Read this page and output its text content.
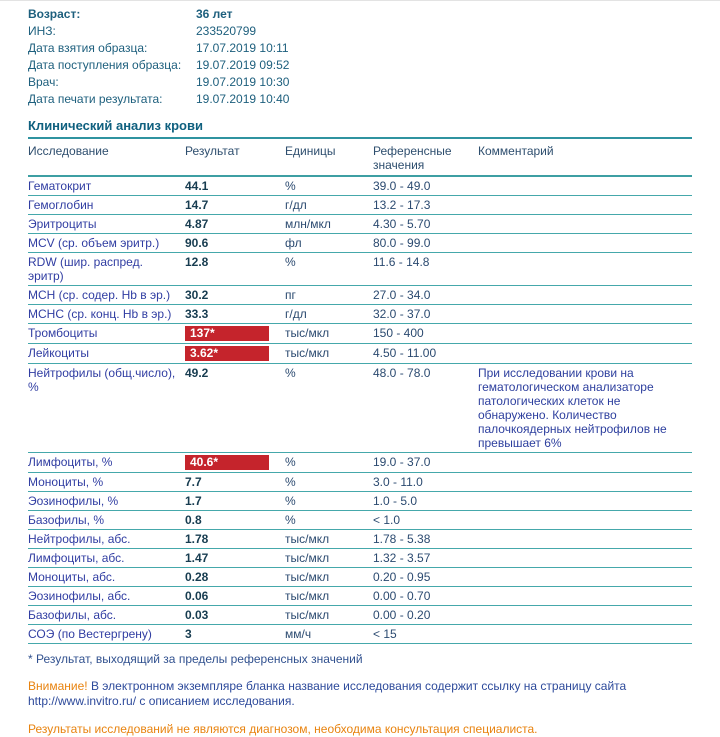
Возраст:	36 лет
ИНЗ:	233520799
Дата взятия образца:	17.07.2019 10:11
Дата поступления образца:	19.07.2019 09:52
Врач:	19.07.2019 10:30
Дата печати результата:	19.07.2019 10:40
Клинический анализ крови
Исследование	Результат	Единицы	Референсные значения	Комментарий
Гематокрит	44.1	%	39.0 - 49.0	
Гемоглобин	14.7	г/дл	13.2 - 17.3	
Эритроциты	4.87	млн/мкл	4.30 - 5.70	
MCV (ср. объем эритр.)	90.6	фл	80.0 - 99.0	
RDW (шир. распред. эритр)	12.8	%	11.6 - 14.8	
MCH (ср. содер. Hb в эр.)	30.2	пг	27.0 - 34.0	
MCHC (ср. конц. Hb в эр.)	33.3	г/дл	32.0 - 37.0	
Тромбоциты	137*	тыс/мкл	150 - 400	
Лейкоциты	3.62*	тыс/мкл	4.50 - 11.00	
Нейтрофилы (общ.число), %	49.2	%	48.0 - 78.0	При исследовании крови на гематологическом анализаторе патологических клеток не обнаружено. Количество палочкоядерных нейтрофилов не превышает 6%
Лимфоциты, %	40.6*	%	19.0 - 37.0	
Моноциты, %	7.7	%	3.0 - 11.0	
Эозинофилы, %	1.7	%	1.0 - 5.0	
Базофилы, %	0.8	%	< 1.0	
Нейтрофилы, абс.	1.78	тыс/мкл	1.78 - 5.38	
Лимфоциты, абс.	1.47	тыс/мкл	1.32 - 3.57	
Моноциты, абс.	0.28	тыс/мкл	0.20 - 0.95	
Эозинофилы, абс.	0.06	тыс/мкл	0.00 - 0.70	
Базофилы, абс.	0.03	тыс/мкл	0.00 - 0.20	
СОЭ (по Вестергрену)	3	мм/ч	< 15	
* Результат, выходящий за пределы референсных значений
Внимание! В электронном экземпляре бланка название исследования содержит ссылку на страницу сайта http://www.invitro.ru/ с описанием исследования.
Результаты исследований не являются диагнозом, необходима консультация специалиста.
